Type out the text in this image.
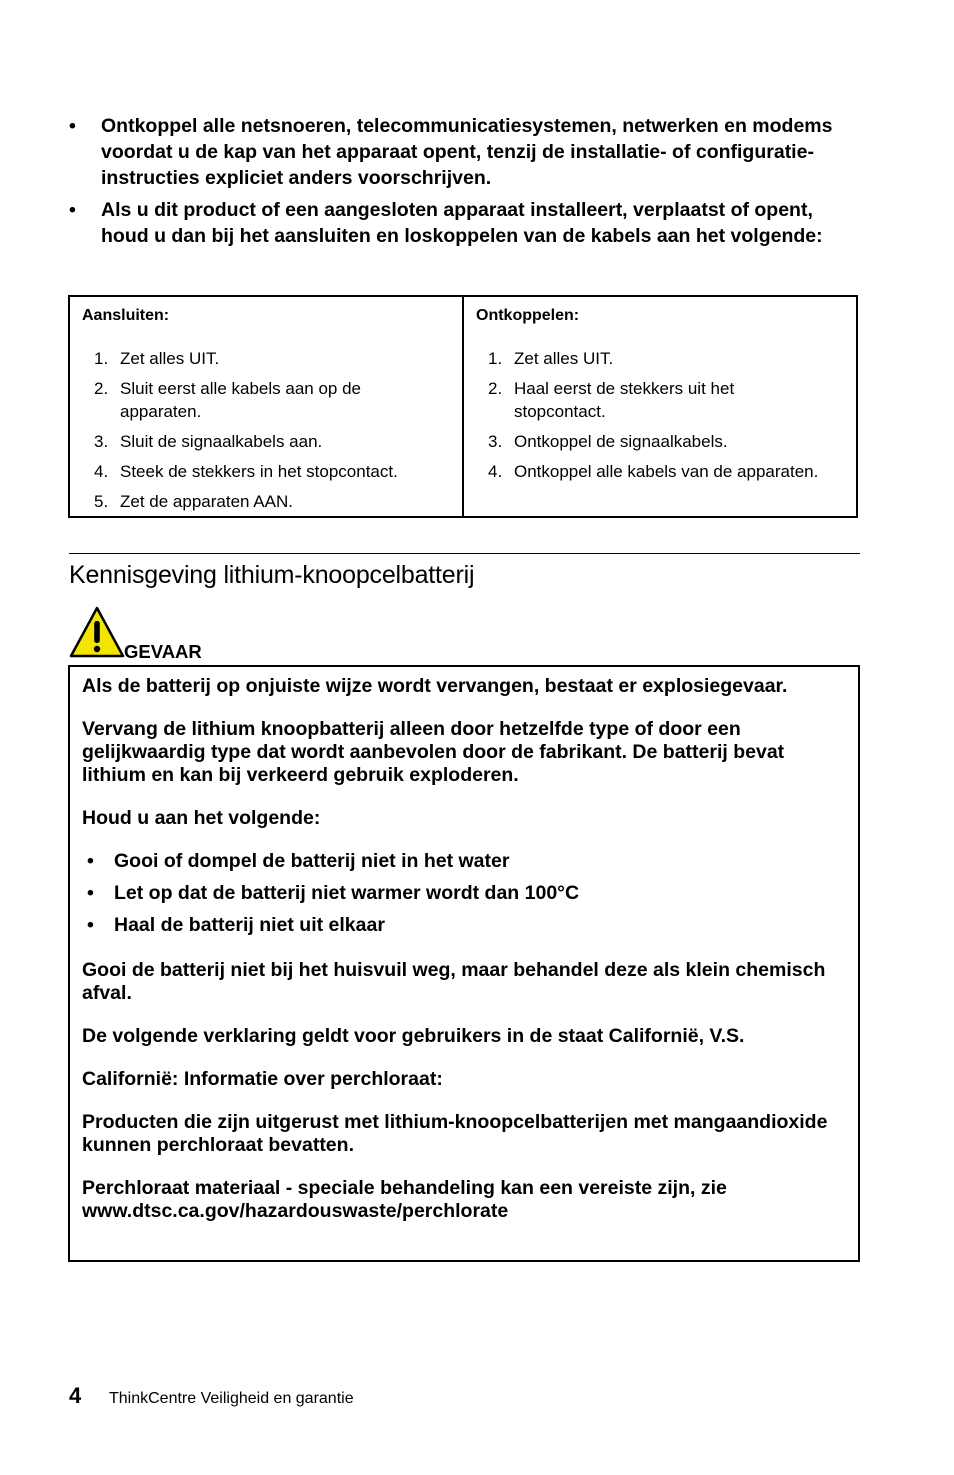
• Ontkoppel alle netsnoeren, telecommunicatiesystemen, netwerken en modems voordat u de kap van het apparaat opent, tenzij de installatie- of configuratie-instructies expliciet anders voorschrijven.
• Als u dit product of een aangesloten apparaat installeert, verplaatst of opent, houd u dan bij het aansluiten en loskoppelen van de kabels aan het volgende:
Aansluiten:
1. Zet alles UIT.
2. Sluit eerst alle kabels aan op de apparaten.
3. Sluit de signaalkabels aan.
4. Steek de stekkers in het stopcontact.
5. Zet de apparaten AAN.
Ontkoppelen:
1. Zet alles UIT.
2. Haal eerst de stekkers uit het stopcontact.
3. Ontkoppel de signaalkabels.
4. Ontkoppel alle kabels van de apparaten.
Kennisgeving lithium-knoopcelbatterij
GEVAAR

Als de batterij op onjuiste wijze wordt vervangen, bestaat er explosiegevaar.

Vervang de lithium knoopbatterij alleen door hetzelfde type of door een gelijkwaardig type dat wordt aanbevolen door de fabrikant. De batterij bevat lithium en kan bij verkeerd gebruik exploderen.

Houd u aan het volgende:

• Gooi of dompel de batterij niet in het water
• Let op dat de batterij niet warmer wordt dan 100°C
• Haal de batterij niet uit elkaar

Gooi de batterij niet bij het huisvuil weg, maar behandel deze als klein chemisch afval.

De volgende verklaring geldt voor gebruikers in de staat Californië, V.S.

Californië: Informatie over perchloraat:

Producten die zijn uitgerust met lithium-knoopcelbatterijen met mangaandioxide kunnen perchloraat bevatten.

Perchloraat materiaal - speciale behandeling kan een vereiste zijn, zie www.dtsc.ca.gov/hazardouswaste/perchlorate

4	ThinkCentre Veiligheid en garantie
